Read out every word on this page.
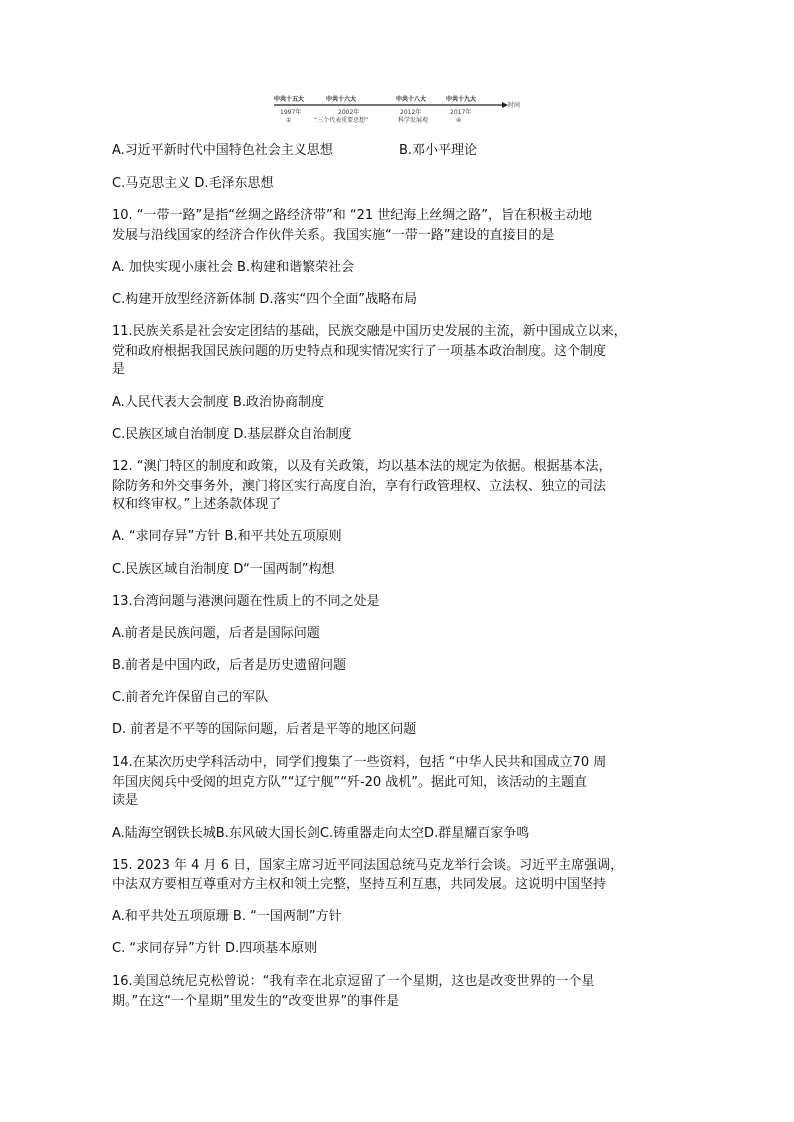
中共十五大	中共十六大	中共十八大	中共十九大
时间
1997年	2002年	2012年	2017年
①	“三个代表重要思想”	科学发展观	④
A.习近平新时代中国特色社会主义思想	B.邓小平理论
C.马克思主义 D.毛泽东思想
10. “一带一路”是指“丝绸之路经济带”和 “21 世纪海上丝绸之路”，旨在积极主动地
发展与沿线国家的经济合作伙伴关系。我国实施“一带一路”建设的直接目的是
A. 加快实现小康社会 B.构建和谐繁荣社会
C.构建开放型经济新体制 D.落实“四个全面”战略布局
11.民族关系是社会安定团结的基础，民族交融是中国历史发展的主流，新中国成立以来，
党和政府根据我国民族问题的历史特点和现实情况实行了一项基本政治制度。这个制度
是
A.人民代表大会制度 B.政治协商制度
C.民族区域自治制度 D.基层群众自治制度
12. “澳门特区的制度和政策，以及有关政策，均以基本法的规定为依据。根据基本法，
除防务和外交事务外，澳门将区实行高度自治，享有行政管理权、立法权、独立的司法
权和终审权。”上述条款体现了
A. “求同存异”方针 B.和平共处五项原则
C.民族区域自治制度 D“一国两制”构想
13.台湾问题与港澳问题在性质上的不同之处是
A.前者是民族问题，后者是国际问题
B.前者是中国内政，后者是历史遗留问题
C.前者允许保留自己的军队
D. 前者是不平等的国际问题，后者是平等的地区问题
14.在某次历史学科活动中，同学们搜集了一些资料，包括 “中华人民共和国成立70 周
年国庆阅兵中受阅的坦克方队”“辽宁舰”“歼-20 战机”。据此可知，该活动的主题直
读是
A.陆海空钢铁长城B.东风破大国长剑C.铸重器走向太空D.群星耀百家争鸣
15. 2023 年 4 月 6 日，国家主席习近平同法国总统马克龙举行会谈。习近平主席强调，
中法双方要相互尊重对方主权和领土完整，坚持互利互惠，共同发展。这说明中国坚持
A.和平共处五项原珊 B. “一国两制”方针
C. “求同存异”方针 D.四项基本原则
16.美国总统尼克松曾说：“我有幸在北京逗留了一个星期，这也是改变世界的一个星
期。”在这“一个星期”里发生的“改变世界”的事件是
